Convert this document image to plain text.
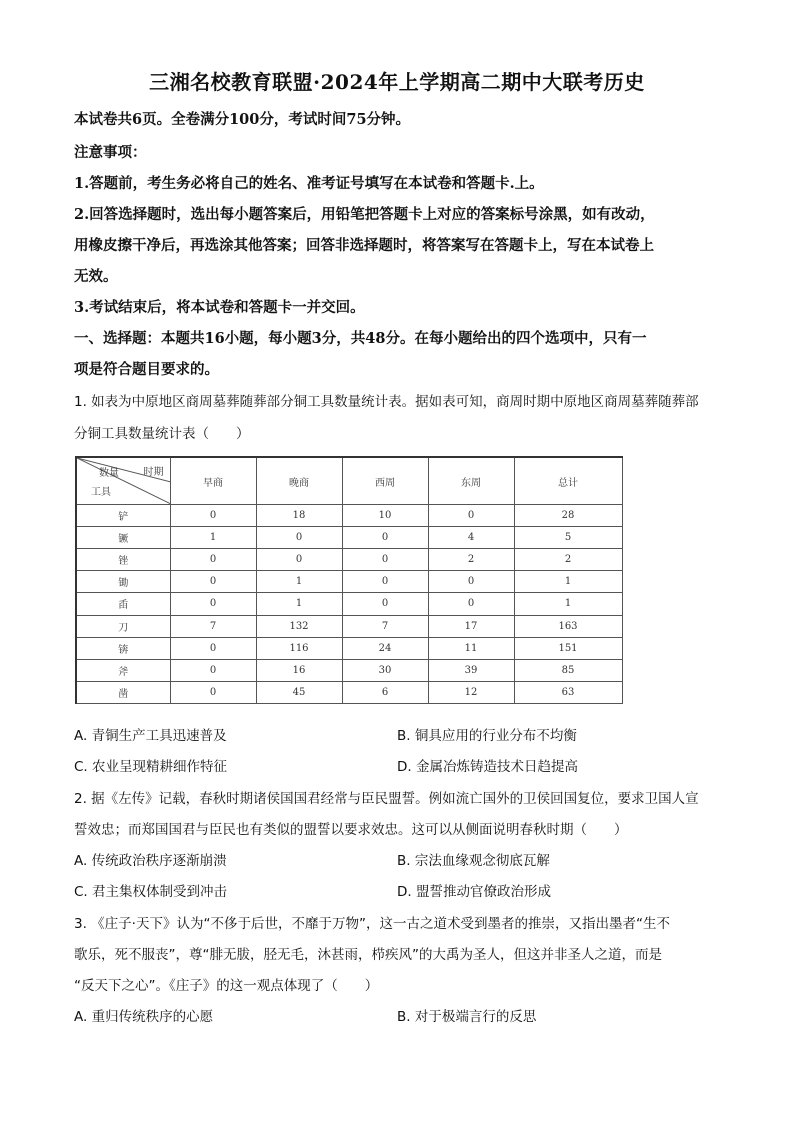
三湘名校教育联盟·2024年上学期高二期中大联考历史
本试卷共6页。全卷满分100分，考试时间75分钟。
注意事项：
1.答题前，考生务必将自己的姓名、准考证号填写在本试卷和答题卡.上。
2.回答选择题时，选出每小题答案后，用铅笔把答题卡上对应的答案标号涂黑，如有改动，
用橡皮擦干净后，再选涂其他答案；回答非选择题时，将答案写在答题卡上，写在本试卷上
无效。
3.考试结束后，将本试卷和答题卡一并交回。
一、选择题：本题共16小题，每小题3分，共48分。在每小题给出的四个选项中，只有一
项是符合题目要求的。
1. 如表为中原地区商周墓葬随葬部分铜工具数量统计表。据如表可知，商周时期中原地区商周墓葬随葬部
分铜工具数量统计表（　　）
时期
数量
工具	早商	晚商	西周	东周	总计
铲	0	18	10	0	28
镢	1	0	0	4	5
锉	0	0	0	2	2
锄	0	1	0	0	1
臿	0	1	0	0	1
刀	7	132	7	17	163
锛	0	116	24	11	151
斧	0	16	30	39	85
凿	0	45	6	12	63
A. 青铜生产工具迅速普及	B. 铜具应用的行业分布不均衡
C. 农业呈现精耕细作特征	D. 金属冶炼铸造技术日趋提高
2. 据《左传》记载，春秋时期诸侯国国君经常与臣民盟誓。例如流亡国外的卫侯回国复位，要求卫国人宣
誓效忠；而郑国国君与臣民也有类似的盟誓以要求效忠。这可以从侧面说明春秋时期（　　）
A. 传统政治秩序逐渐崩溃	B. 宗法血缘观念彻底瓦解
C. 君主集权体制受到冲击	D. 盟誓推动官僚政治形成
3. 《庄子·天下》认为“不侈于后世，不靡于万物”，这一古之道术受到墨者的推崇，又指出墨者“生不
歌乐，死不服丧”，尊“腓无胈，胫无毛，沐甚雨，栉疾风”的大禹为圣人，但这并非圣人之道，而是
“反天下之心”。《庄子》的这一观点体现了（　　）
A. 重归传统秩序的心愿	B. 对于极端言行的反思
